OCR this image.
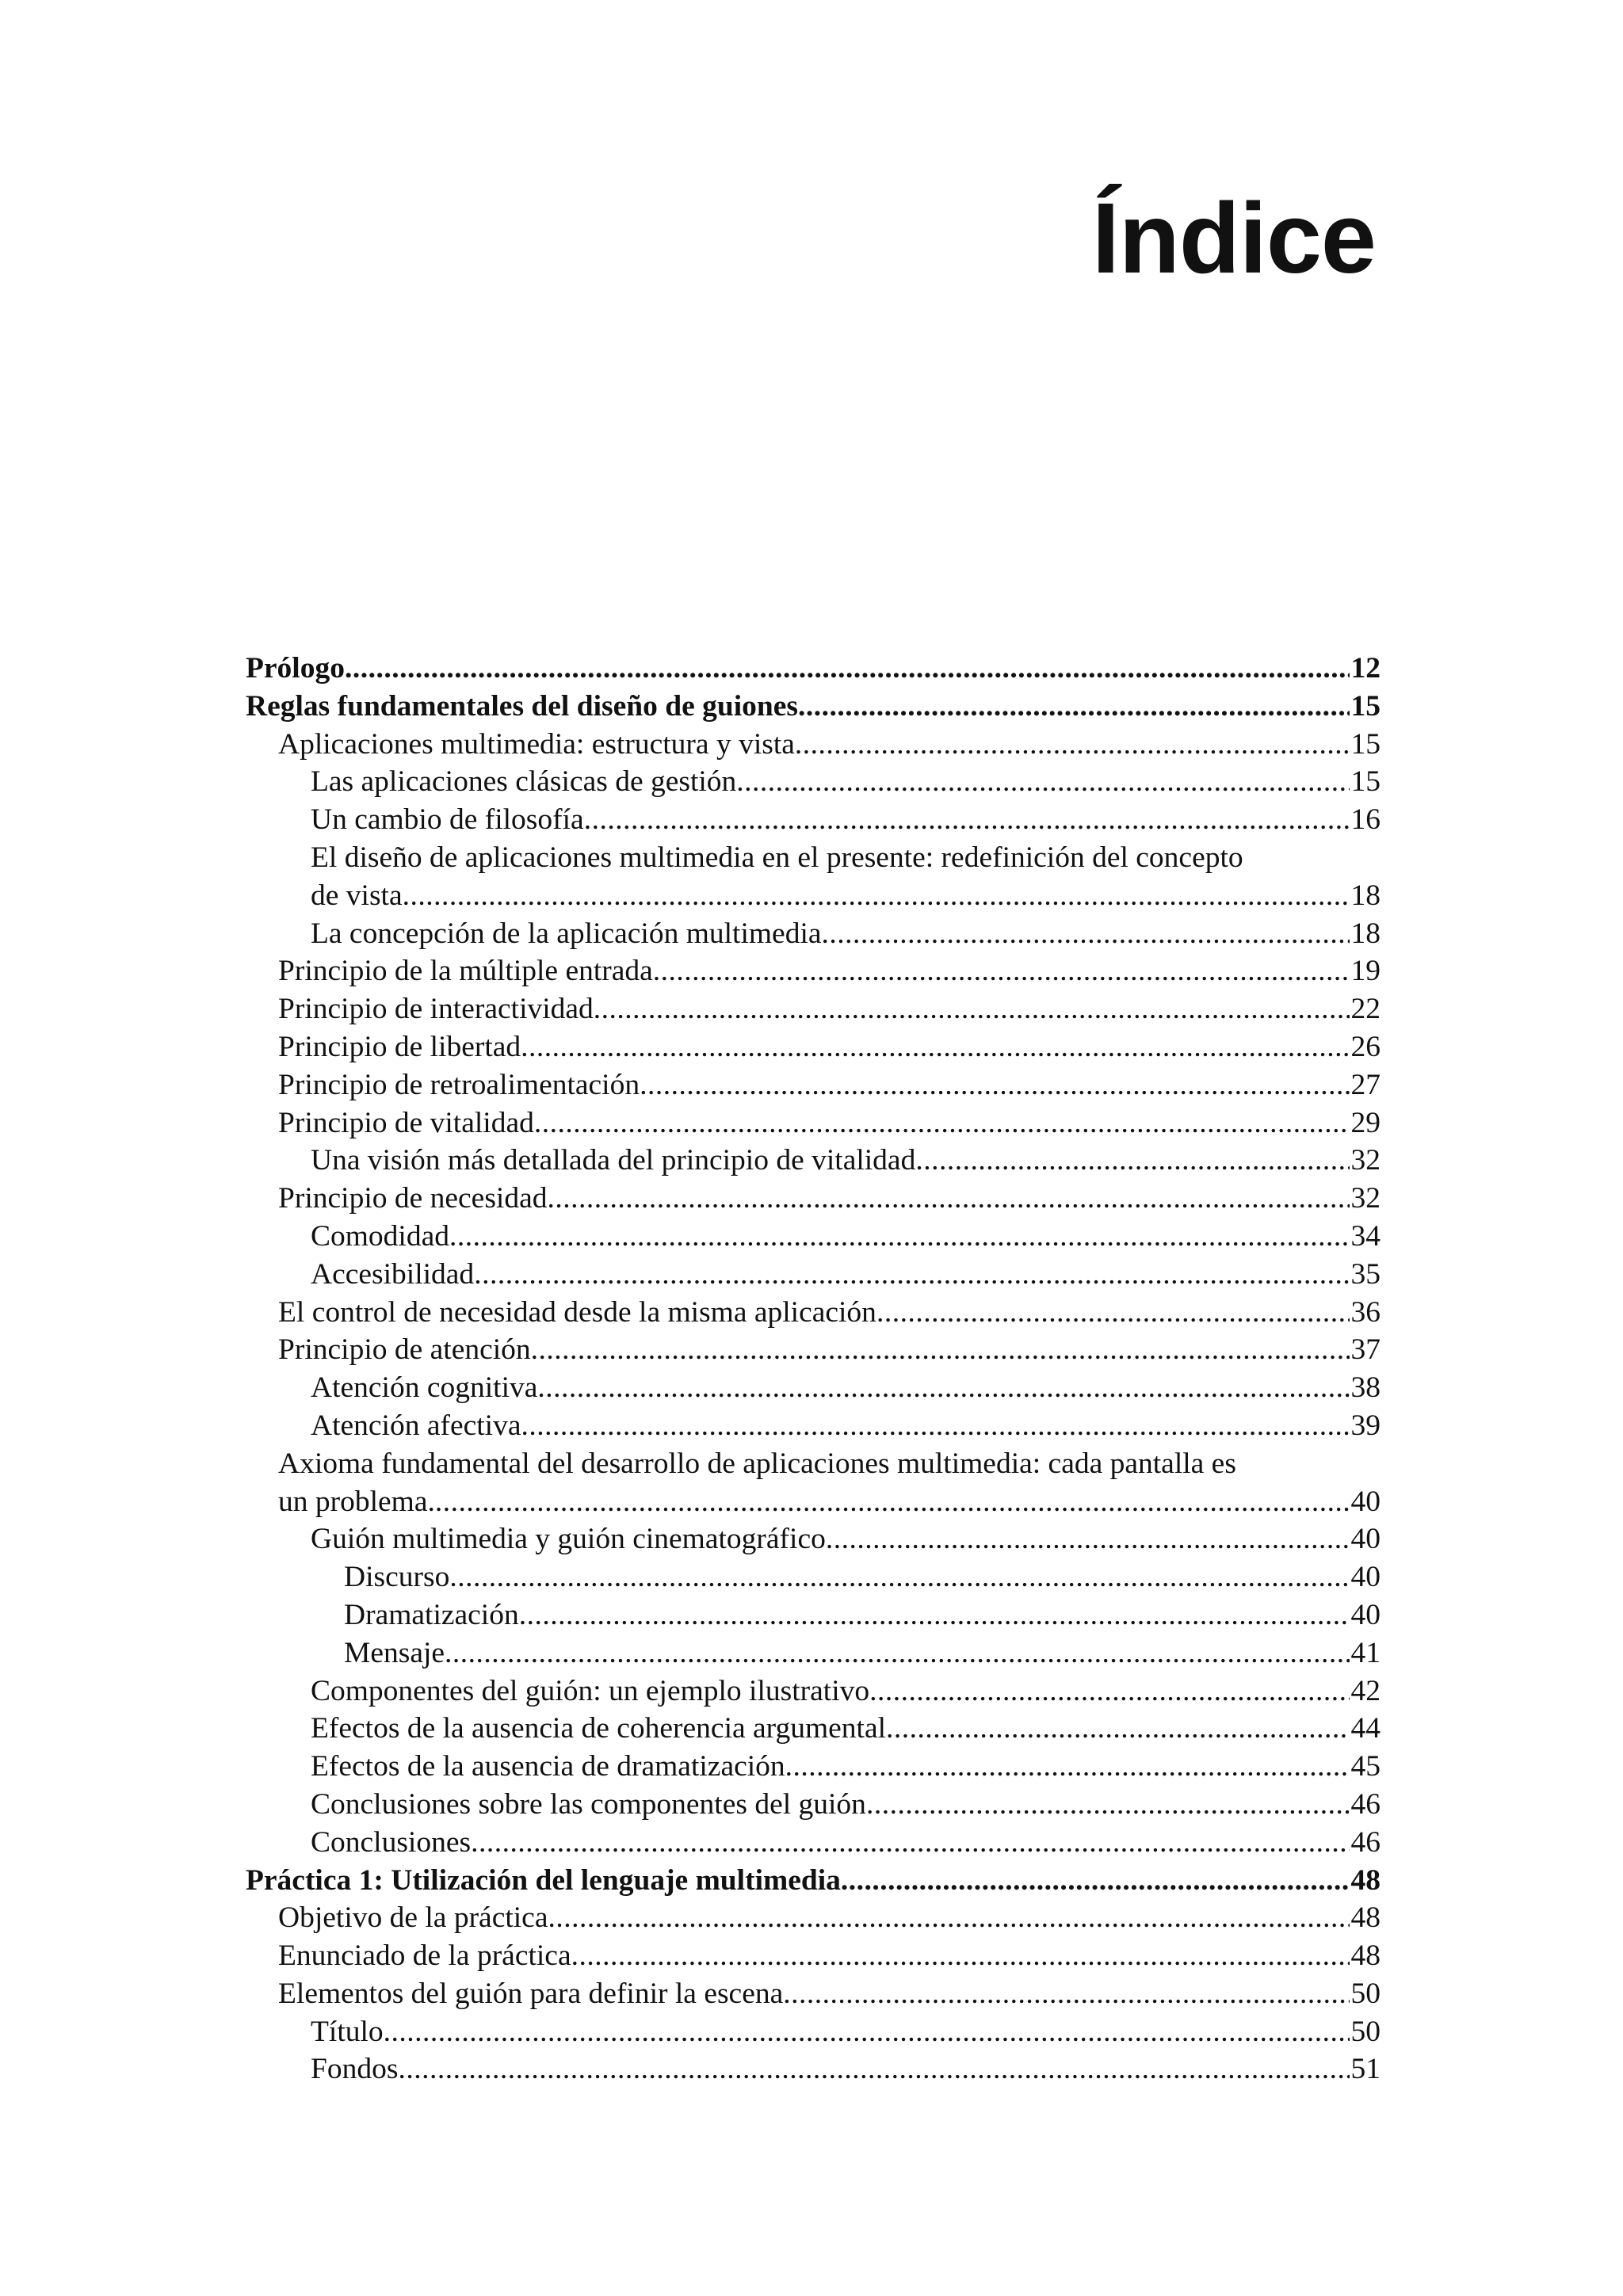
Índice
Prólogo .....	12
Reglas fundamentales del diseño de guiones .....	15
Aplicaciones multimedia: estructura y vista .....	15
Las aplicaciones clásicas de gestión .....	15
Un cambio de filosofía .....	16
El diseño de aplicaciones multimedia en el presente: redefinición del concepto
de vista .....	18
La concepción de la aplicación multimedia .....	18
Principio de la múltiple entrada .....	19
Principio de interactividad .....	22
Principio de libertad .....	26
Principio de retroalimentación .....	27
Principio de vitalidad .....	29
Una visión más detallada del principio de vitalidad .....	32
Principio de necesidad .....	32
Comodidad .....	34
Accesibilidad .....	35
El control de necesidad desde la misma aplicación .....	36
Principio de atención .....	37
Atención cognitiva .....	38
Atención afectiva .....	39
Axioma fundamental del desarrollo de aplicaciones multimedia: cada pantalla es
un problema. .....	40
Guión multimedia y guión cinematográfico .....	40
Discurso .....	40
Dramatización .....	40
Mensaje .....	41
Componentes del guión: un ejemplo ilustrativo .....	42
Efectos de la ausencia de coherencia argumental .....	44
Efectos de la ausencia de dramatización .....	45
Conclusiones sobre las componentes del guión .....	46
Conclusiones .....	46
Práctica 1: Utilización del lenguaje multimedia .....	48
Objetivo de la práctica .....	48
Enunciado de la práctica .....	48
Elementos del guión para definir la escena .....	50
Título .....	50
Fondos .....	51
